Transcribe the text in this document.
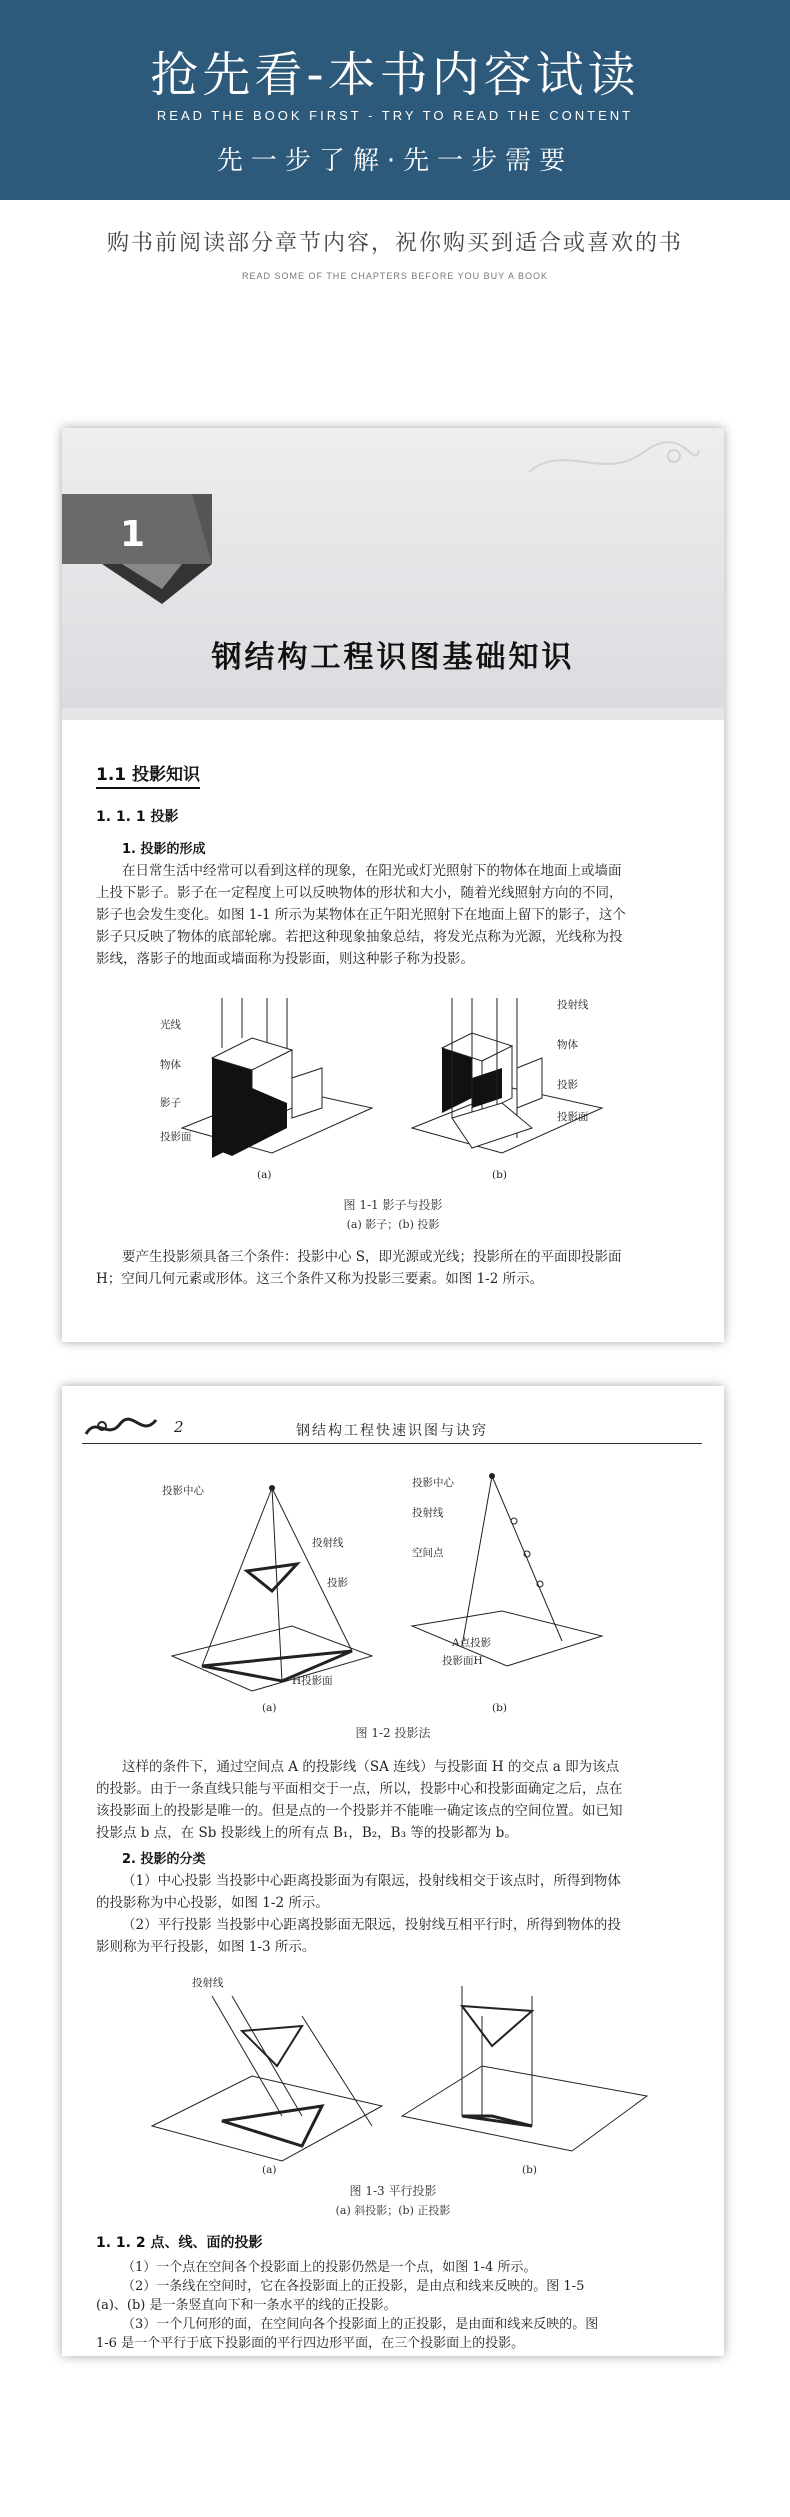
抢先看-本书内容试读
READ THE BOOK FIRST - TRY TO READ THE CONTENT
先一步了解·先一步需要
购书前阅读部分章节内容，祝你购买到适合或喜欢的书
READ SOME OF THE CHAPTERS BEFORE YOU BUY A BOOK
1
钢结构工程识图基础知识
1.1 投影知识
1. 1. 1 投影
1. 投影的形成
在日常生活中经常可以看到这样的现象，在阳光或灯光照射下的物体在地面上或墙面
上投下影子。影子在一定程度上可以反映物体的形状和大小，随着光线照射方向的不同，
影子也会发生变化。如图 1-1 所示为某物体在正午阳光照射下在地面上留下的影子，这个
影子只反映了物体的底部轮廓。若把这种现象抽象总结，将发光点称为光源，光线称为投
影线，落影子的地面或墙面称为投影面，则这种影子称为投影。
光线
物体
影子
投影面
(a)
投射线
物体
投影
投影面
(b)
图 1-1 影子与投影
(a) 影子；(b) 投影
要产生投影须具备三个条件：投影中心 S，即光源或光线；投影所在的平面即投影面
H；空间几何元素或形体。这三个条件又称为投影三要素。如图 1-2 所示。
2	钢结构工程快速识图与诀窍
投影中心
投射线
投影
H投影面
(a)
投影中心
投射线
空间点
A点投影
投影面H
(b)
图 1-2 投影法
这样的条件下，通过空间点 A 的投影线（SA 连线）与投影面 H 的交点 a 即为该点
的投影。由于一条直线只能与平面相交于一点，所以，投影中心和投影面确定之后，点在
该投影面上的投影是唯一的。但是点的一个投影并不能唯一确定该点的空间位置。如已知
投影点 b 点，在 Sb 投影线上的所有点 B₁，B₂，B₃ 等的投影都为 b。
2. 投影的分类
（1）中心投影 当投影中心距离投影面为有限远，投射线相交于该点时，所得到物体
的投影称为中心投影，如图 1-2 所示。
（2）平行投影 当投影中心距离投影面无限远，投射线互相平行时，所得到物体的投
影则称为平行投影，如图 1-3 所示。
投射线
(a)	(b)
图 1-3 平行投影
(a) 斜投影；(b) 正投影
1. 1. 2 点、线、面的投影
（1）一个点在空间各个投影面上的投影仍然是一个点，如图 1-4 所示。
（2）一条线在空间时，它在各投影面上的正投影，是由点和线来反映的。图 1-5
(a)、(b) 是一条竖直向下和一条水平的线的正投影。
（3）一个几何形的面，在空间向各个投影面上的正投影，是由面和线来反映的。图
1-6 是一个平行于底下投影面的平行四边形平面，在三个投影面上的投影。
